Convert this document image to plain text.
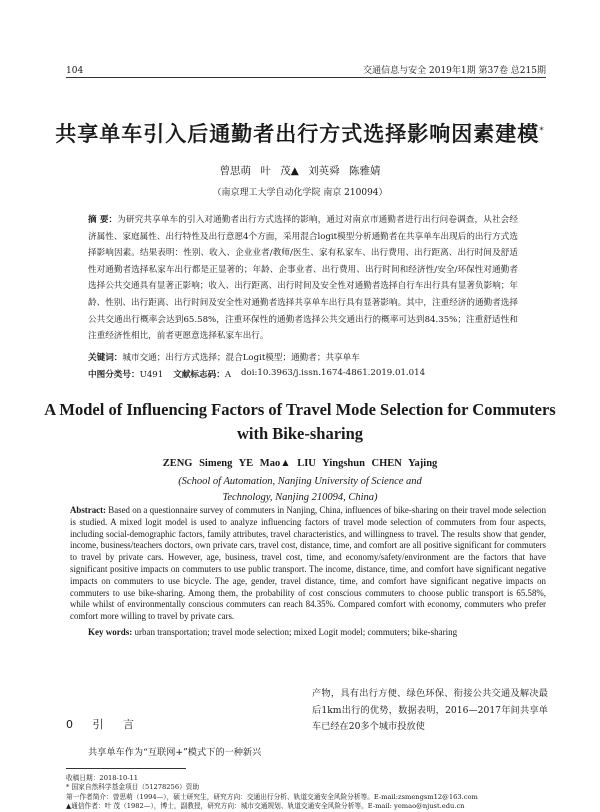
104	交通信息与安全 2019年1期 第37卷 总215期
共享单车引入后通勤者出行方式选择影响因素建模*
曾思萌 叶 茂▲ 刘英舜 陈雅婧
（南京理工大学自动化学院 南京 210094）
摘 要：为研究共享单车的引入对通勤者出行方式选择的影响，通过对南京市通勤者进行出行问卷调查，从社会经济属性、家庭属性、出行特性及出行意愿4个方面，采用混合logit模型分析通勤者在共享单车出现后的出行方式选择影响因素。结果表明：性别、收入、企业业者/教师/医生、家有私家车、出行费用、出行距离、出行时间及舒适性对通勤者选择私家车出行都是正显著的；年龄、企事业者、出行费用、出行时间和经济性/安全/环保性对通勤者选择公共交通具有显著正影响；收入、出行距离、出行时间及安全性对通勤者选择自行车出行具有显著负影响；年龄、性别、出行距离、出行时间及安全性对通勤者选择共享单车出行具有显著影响。其中，注重经济的通勤者选择公共交通出行概率会达到65.58%，注重环保性的通勤者选择公共交通出行的概率可达到84.35%；注重舒适性和注重经济性相比，前者更愿意选择私家车出行。
关键词：城市交通；出行方式选择；混合Logit模型；通勤者；共享单车
中图分类号：U491 文献标志码：A doi:10.3963/j.issn.1674-4861.2019.01.014
A Model of Influencing Factors of Travel Mode Selection for Commuters with Bike-sharing
ZENG Simeng YE Mao▲ LIU Yingshun CHEN Yajing
(School of Automation, Nanjing University of Science and
Technology, Nanjing 210094, China)
Abstract: Based on a questionnaire survey of commuters in Nanjing, China, influences of bike-sharing on their travel mode selection is studied. A mixed logit model is used to analyze influencing factors of travel mode selection of commuters from four aspects, including social-demographic factors, family attributes, travel characteristics, and willingness to travel. The results show that gender, income, business/teachers doctors, own private cars, travel cost, distance, time, and comfort are all positive significant for commuters to travel by private cars. However, age, business, travel cost, time, and economy/safety/environment are the factors that have significant positive impacts on commuters to use public transport. The income, distance, time, and comfort have significant negative impacts on commuters to use bicycle. The age, gender, travel distance, time, and comfort have significant negative impacts on commuters to use bike-sharing. Among them, the probability of cost conscious commuters to choose public transport is 65.58%, while whilst of environmentally conscious commuters can reach 84.35%. Compared comfort with economy, commuters who prefer comfort more willing to travel by private cars.
Key words: urban transportation; travel mode selection; mixed Logit model; commuters; bike-sharing
0 引 言
共享单车作为“互联网+”模式下的一种新兴
产物，具有出行方便、绿色环保、衔接公共交通及解决最后1km出行的优势，数据表明，2016—2017年间共享单车已经在20多个城市投放使
收稿日期：2018-10-11
* 国家自然科学基金项目（51278256）资助
第一作者简介：曾思萌（1994—），硕士研究生，研究方向：交通出行分析、轨道交通安全风险分析等。E-mail:zsmengsm12@163.com
▲通信作者：叶 茂（1982—），博士，副教授，研究方向：城市交通规划、轨道交通安全风险分析等。E-mail: yemao@njust.edu.cn
